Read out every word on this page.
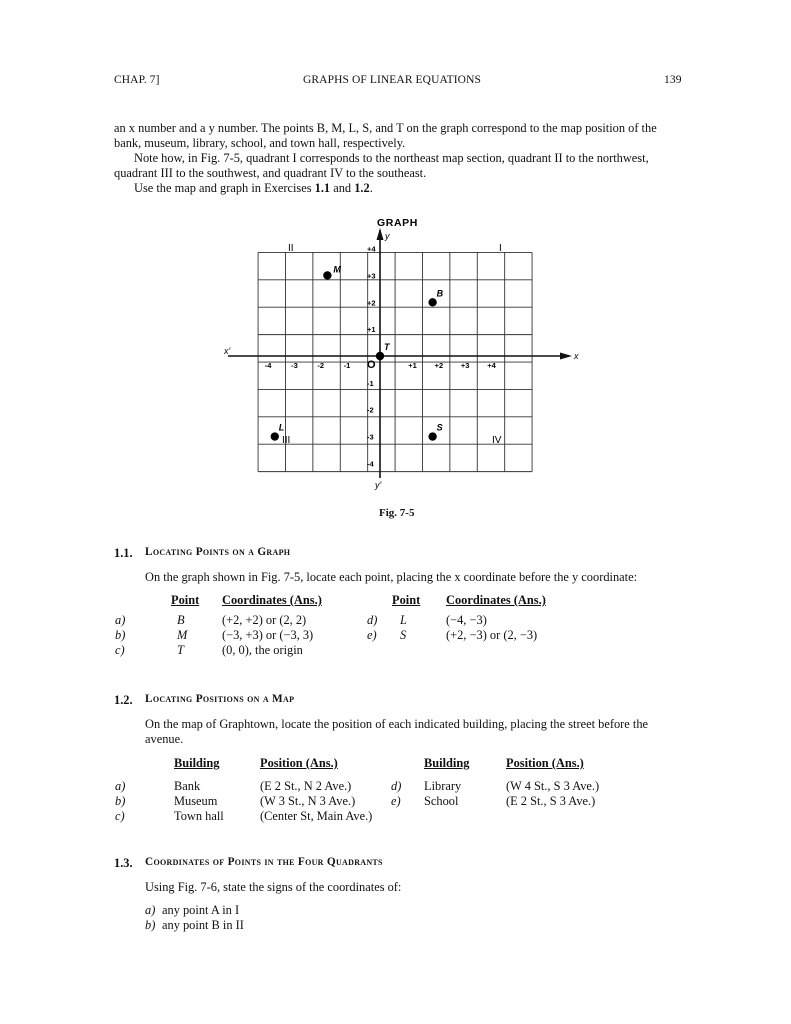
CHAP. 7]	GRAPHS OF LINEAR EQUATIONS	139

an x number and a y number. The points B, M, L, S, and T on the graph correspond to the map position of the bank, museum, library, school, and town hall, respectively.

Note how, in Fig. 7-5, quadrant I corresponds to the northeast map section, quadrant II to the northwest, quadrant III to the southwest, and quadrant IV to the southeast.

Use the map and graph in Exercises 1.1 and 1.2.

GRAPH
x
x'
y
y'
O
-4	-3	-2	-1	+1 +2 +3 +4
+4
+3
+2
+1
-1
-2
-3
-4
I
II
III	IV
M
B
T
L	S
Fig. 7-5
1.1. Locating Points on a Graph

On the graph shown in Fig. 7-5, locate each point, placing the x coordinate before the y coordinate:

Point Coordinates (Ans.)	Point Coordinates (Ans.)
1.2. Locating Positions on a Map

On the map of Graphtown, locate the position of each indicated building, placing the street before the avenue.

Building	Position (Ans.)	Building	Position (Ans.)
1.3. Coordinates of Points in the Four Quadrants

Using Fig. 7-6, state the signs of the coordinates of:

a)	B	(+2, +2) or (2, 2)
b)	M	(−3, +3) or (−3, 3)
c)	T	(0, 0), the origin
d) L	(−4, −3)
e) S	(+2, −3) or (2, −3)
a)	Bank	(E 2 St., N 2 Ave.)
b)	Museum	(W 3 St., N 3 Ave.)
c)	Town hall	(Center St, Main Ave.)
d) Library	(W 4 St., S 3 Ave.)
e) School	(E 2 St., S 3 Ave.)
a) any point A in I
b) any point B in II
